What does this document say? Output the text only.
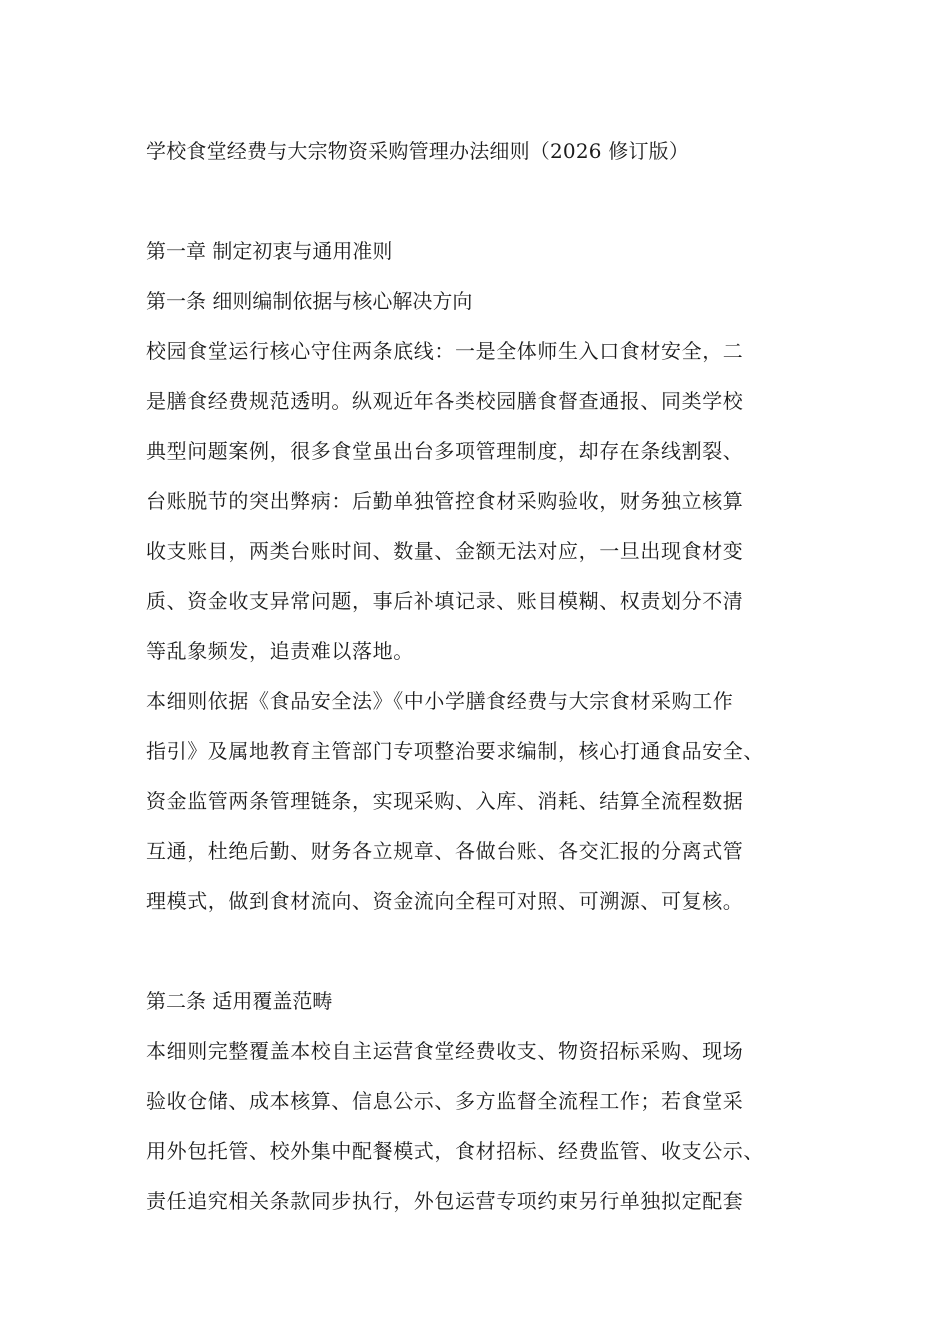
学校食堂经费与大宗物资采购管理办法细则（2026 修订版）
第一章 制定初衷与通用准则
第一条 细则编制依据与核心解决方向

校园食堂运行核心守住两条底线：一是全体师生入口食材安全，二

是膳食经费规范透明。纵观近年各类校园膳食督查通报、同类学校

典型问题案例，很多食堂虽出台多项管理制度，却存在条线割裂、

台账脱节的突出弊病：后勤单独管控食材采购验收，财务独立核算

收支账目，两类台账时间、数量、金额无法对应，一旦出现食材变

质、资金收支异常问题，事后补填记录、账目模糊、权责划分不清

等乱象频发，追责难以落地。

本细则依据《食品安全法》《中小学膳食经费与大宗食材采购工作

指引》及属地教育主管部门专项整治要求编制，核心打通食品安全、

资金监管两条管理链条，实现采购、入库、消耗、结算全流程数据

互通，杜绝后勤、财务各立规章、各做台账、各交汇报的分离式管

理模式，做到食材流向、资金流向全程可对照、可溯源、可复核。

第二条 适用覆盖范畴

本细则完整覆盖本校自主运营食堂经费收支、物资招标采购、现场

验收仓储、成本核算、信息公示、多方监督全流程工作；若食堂采

用外包托管、校外集中配餐模式，食材招标、经费监管、收支公示、

责任追究相关条款同步执行，外包运营专项约束另行单独拟定配套
